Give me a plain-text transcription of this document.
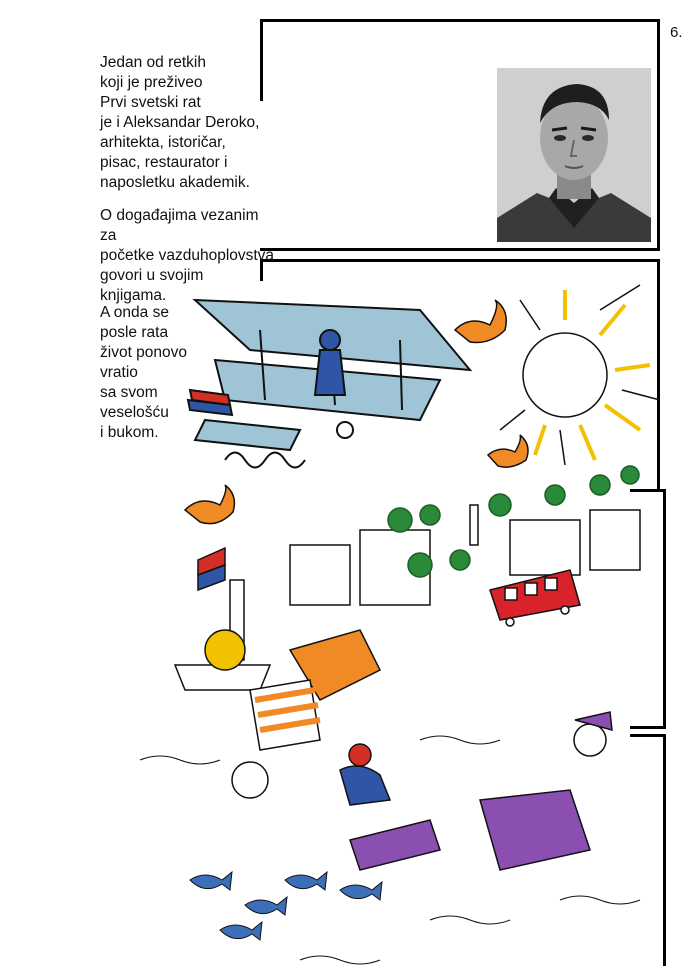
6.
Jedan od retkih
koji je preživeo
Prvi svetski rat
je i Aleksandar Deroko,
arhitekta, istoričar,
pisac, restaurator i
naposletku akademik.
O događajima vezanim za
početke vazduhoplovstva
govori u svojim
knjigama.
A onda se
posle rata
život ponovo
vratio
sa svom
veselošću
i bukom.
